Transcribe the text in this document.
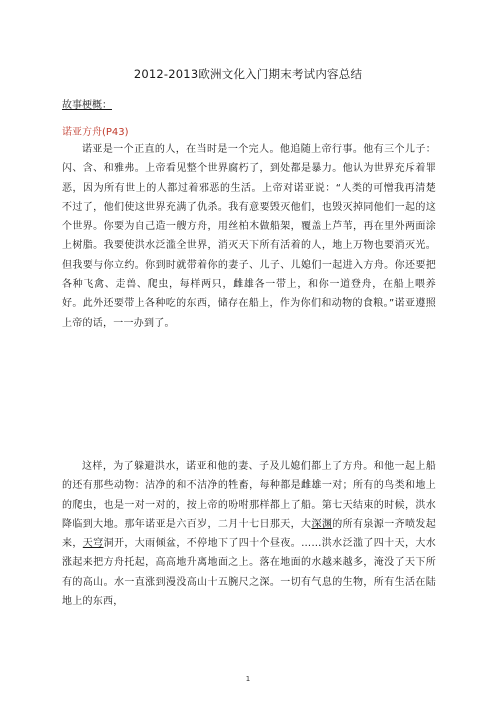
2012-2013欧洲文化入门期末考试内容总结
故事梗概：
诺亚方舟(P43)

诺亚是一个正直的人，在当时是一个完人。他追随上帝行事。他有三个儿子：闪、含、和雅弗。上帝看见整个世界腐朽了，到处都是暴力。他认为世界充斥着罪恶，因为所有世上的人都过着邪恶的生活。上帝对诺亚说：“人类的可憎我再清楚不过了，他们使这世界充满了仇杀。我有意要毁灭他们，也毁灭掉同他们一起的这个世界。你要为自己造一艘方舟，用丝柏木做船架，覆盖上芦苇，再在里外两面涂上树脂。我要使洪水泛滥全世界，消灭天下所有活着的人，地上万物也要消灭光。但我要与你立约。你到时就带着你的妻子、儿子、儿媳们一起进入方舟。你还要把各种飞禽、走兽、爬虫，每样两只，雌雄各一带上，和你一道登舟，在船上喂养好。此外还要带上各种吃的东西，储存在船上，作为你们和动物的食粮。”诺亚遵照上帝的话，一一办到了。

这样，为了躲避洪水，诺亚和他的妻、子及儿媳们都上了方舟。和他一起上船的还有那些动物：洁净的和不洁净的牲畜，每种都是雌雄一对；所有的鸟类和地上的爬虫，也是一对一对的，按上帝的吩咐那样都上了船。第七天结束的时候，洪水降临到大地。那年诺亚是六百岁，二月十七日那天，大深渊的所有泉源一齐喷发起来，天穹洞开，大雨倾盆，不停地下了四十个昼夜。……洪水泛滥了四十天，大水涨起来把方舟托起，高高地升离地面之上。落在地面的水越来越多，淹没了天下所有的高山。水一直涨到漫没高山十五腕尺之深。一切有气息的生物，所有生活在陆地上的东西，

1
